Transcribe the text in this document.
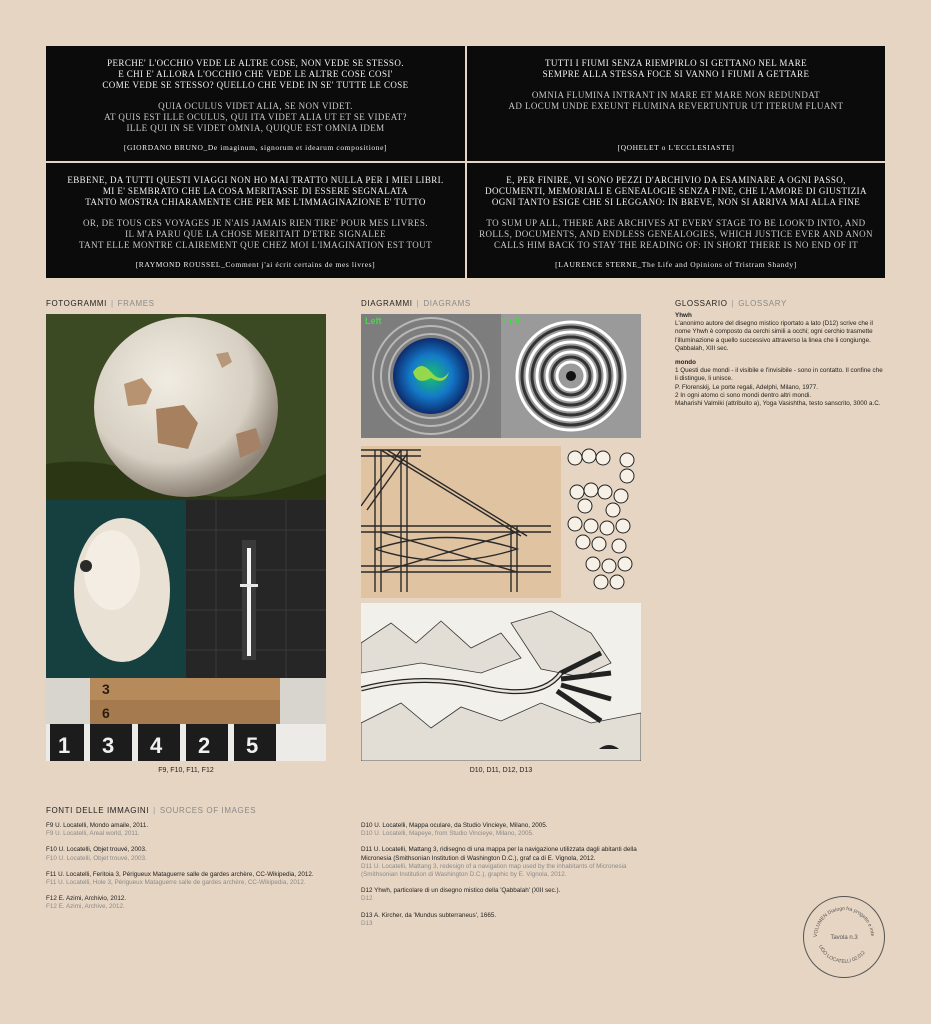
PERCHE' L'OCCHIO VEDE LE ALTRE COSE, NON VEDE SE STESSO.
E CHI E' ALLORA L'OCCHIO CHE VEDE LE ALTRE COSE COSI'
COME VEDE SE STESSO? QUELLO CHE VEDE IN SE' TUTTE LE COSE
QUIA OCULUS VIDET ALIA, SE NON VIDET.
AT QUIS EST ILLE OCULUS, QUI ITA VIDET ALIA UT ET SE VIDEAT?
ILLE QUI IN SE VIDET OMNIA, QUIQUE EST OMNIA IDEM
[GIORDANO BRUNO_De imaginum, signorum et idearum compositione]
TUTTI I FIUMI SENZA RIEMPIRLO SI GETTANO NEL MARE
SEMPRE ALLA STESSA FOCE SI VANNO I FIUMI A GETTARE
OMNIA FLUMINA INTRANT IN MARE ET MARE NON REDUNDAT
AD LOCUM UNDE EXEUNT FLUMINA REVERTUNTUR UT ITERUM FLUANT
[QOHELET o L'ECCLESIASTE]
EBBENE, DA TUTTI QUESTI VIAGGI NON HO MAI TRATTO NULLA PER I MIEI LIBRI.
MI E' SEMBRATO CHE LA COSA MERITASSE DI ESSERE SEGNALATA
TANTO MOSTRA CHIARAMENTE CHE PER ME L'IMMAGINAZIONE E' TUTTO
OR, DE TOUS CES VOYAGES JE N'AIS JAMAIS RIEN TIRE' POUR MES LIVRES.
IL M'A PARU QUE LA CHOSE MERITAIT D'ETRE SIGNALEE
TANT ELLE MONTRE CLAIREMENT QUE CHEZ MOI L'IMAGINATION EST TOUT
[RAYMOND ROUSSEL_Comment j'ai écrit certains de mes livres]
E, PER FINIRE, VI SONO PEZZI D'ARCHIVIO DA ESAMINARE A OGNI PASSO,
DOCUMENTI, MEMORIALI E GENEALOGIE SENZA FINE, CHE L'AMORE DI GIUSTIZIA
OGNI TANTO ESIGE CHE SI LEGGANO: IN BREVE, NON SI ARRIVA MAI ALLA FINE
TO SUM UP ALL, THERE ARE ARCHIVES AT EVERY STAGE TO BE LOOK'D INTO, AND
ROLLS, DOCUMENTS, AND ENDLESS GENEALOGIES, WHICH JUSTICE EVER AND ANON
CALLS HIM BACK TO STAY THE READING OF: IN SHORT THERE IS NO END OF IT
[LAURENCE STERNE_The Life and Opinions of Tristram Shandy]
FOTOGRAMMI | FRAMES	DIAGRAMMI | DIAGRAMS	GLOSSARIO | GLOSSARY
1 3 4 2 5
3
6
F9, F10, F11, F12
Left	Left
D10, D11, D12, D13
Yhwh
L'anonimo autore del disegno mistico riportato a lato (D12) scrive che il nome Yhwh è composto da cerchi simili a occhi; ogni cerchio trasmette l'illuminazione a quello successivo attraverso la linea che li congiunge. Qabbalah, XIII sec.
mondo
1 Questi due mondi - il visibile e l'invisibile - sono in contatto. Il confine che li distingue, li unisce.
P. Florenskij, Le porte regali, Adelphi, Milano, 1977.
2 In ogni atomo ci sono mondi dentro altri mondi.
Maharishi Valmiki (attribuito a), Yoga Vasishtha, testo sanscrito, 3000 a.C.
FONTI DELLE IMMAGINI | SOURCES OF IMAGES
F9 U. Locatelli, Mondo amaile, 2011.
F9 U. Locatelli, Areal world, 2011.
F10 U. Locatelli, Objet trouvé, 2003.
F10 U. Locatelli, Objet trouvé, 2003.
F11 U. Locatelli, Feritoia 3, Périgueux Mataguerre salle de gardes archère, CC-Wikipedia, 2012.
F11 U. Locatelli, Hole 3, Périgueux Mataguerre salle de gardes archère, CC-Wikipedia, 2012.
F12 E. Azimi, Archivio, 2012.
F12 E. Azimi, Archive, 2012.
D10 U. Locatelli, Mappa oculare, da Studio Vincieye, Milano, 2005.
D10 U. Locatelli, Mapeye, from Studio Vincieye, Milano, 2005.
D11 U. Locatelli, Mattang 3, ridisegno di una mappa per la navigazione utilizzata dagli abitanti della Micronesia (Smithsonian Institution di Washington D.C.), graf ca di E. Vignola, 2012.
D11 U. Locatelli, Mattang 3, redesign of a navigation map used by the inhabitants of Micronesia (Smithsonian Institution di Washington D.C.), graphic by E. Vignola, 2012.
D12 Yhwh, particolare di un disegno mistico della 'Qabbalah' (XIII sec.).
D12
D13 A. Kircher, da 'Mundus subterraneus', 1665.
D13
VOLUMEN Dialogo fra progetto e inte
UGO LOCATELLI 02.012
Tavola n.3
